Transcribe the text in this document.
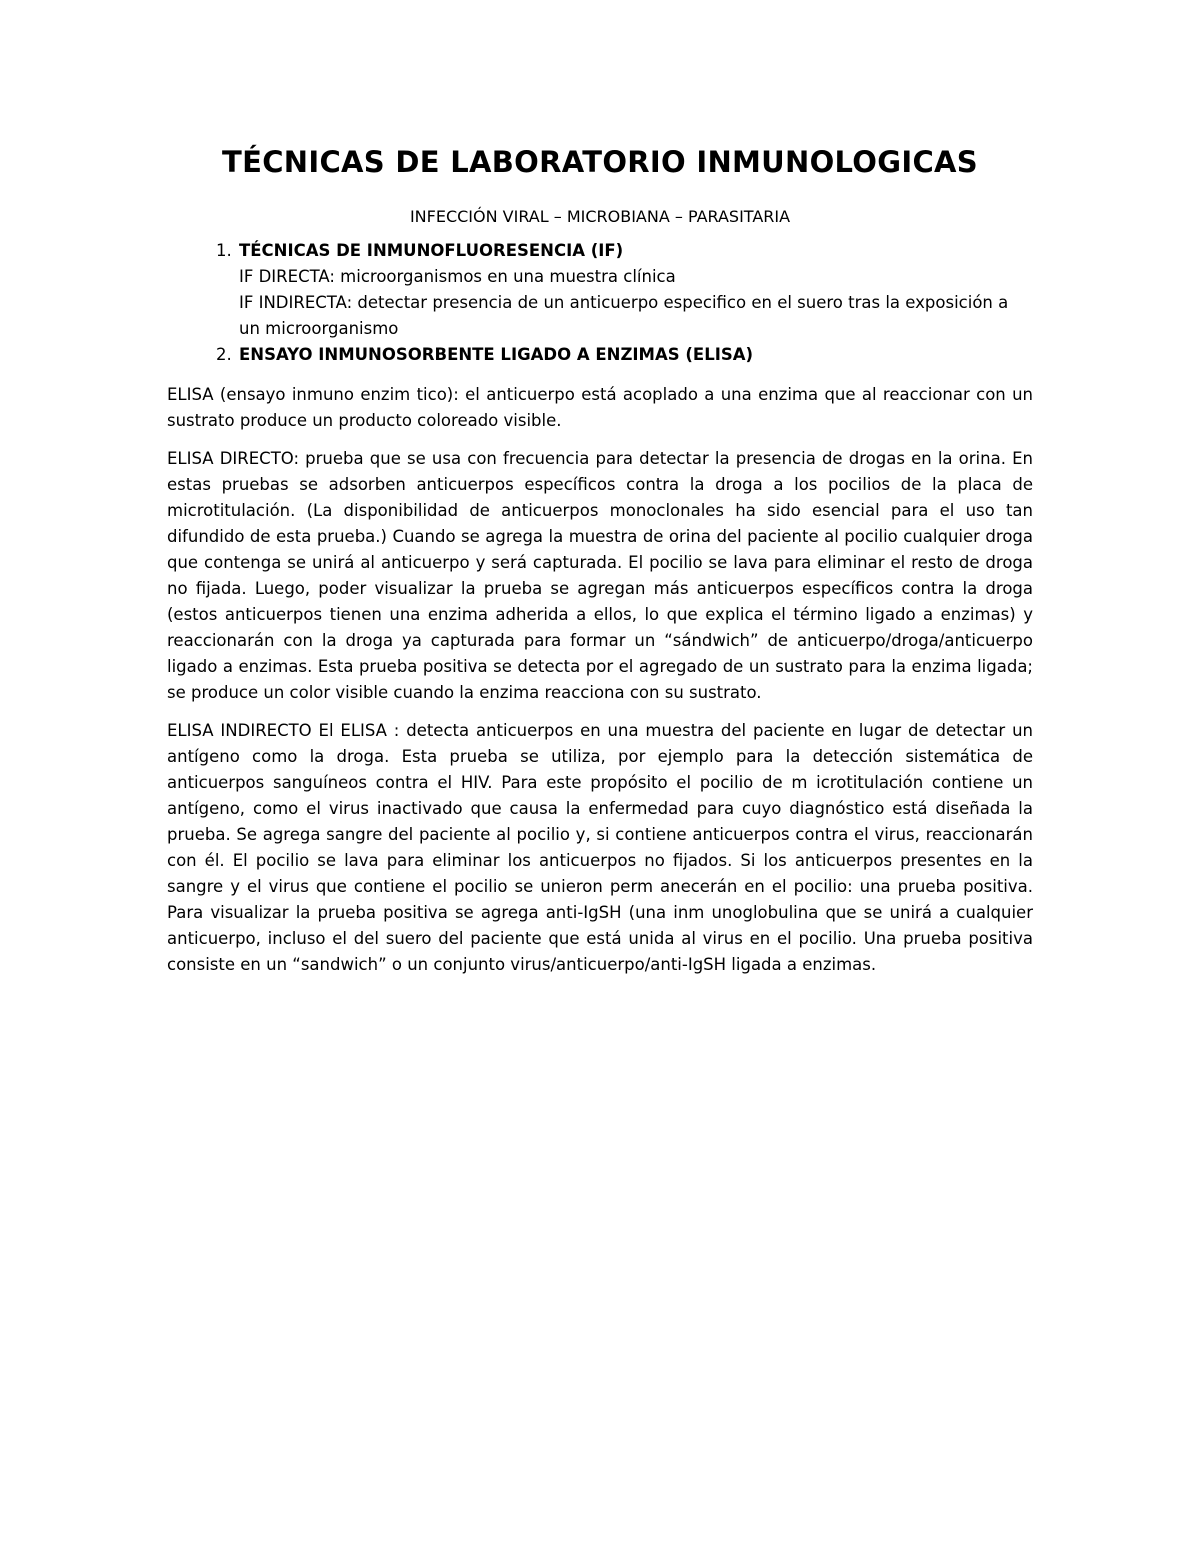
TÉCNICAS DE LABORATORIO INMUNOLOGICAS
INFECCIÓN VIRAL – MICROBIANA – PARASITARIA
1. TÉCNICAS DE INMUNOFLUORESENCIA (IF)
IF DIRECTA: microorganismos en una muestra clínica
IF INDIRECTA: detectar presencia de un anticuerpo especifico en el suero tras la exposición a un microorganismo
2. ENSAYO INMUNOSORBENTE LIGADO A ENZIMAS (ELISA)

ELISA (ensayo inmuno enzim tico): el anticuerpo está acoplado a una enzima que al reaccionar con un sustrato produce un producto coloreado visible.

ELISA DIRECTO: prueba que se usa con frecuencia para detectar la presencia de drogas en la orina. En estas pruebas se adsorben anticuerpos específicos contra la droga a los pocilios de la placa de microtitulación. (La disponibilidad de anticuerpos monoclonales ha sido esencial para el uso tan difundido de esta prueba.) Cuando se agrega la muestra de orina del paciente al pocilio cualquier droga que contenga se unirá al anticuerpo y será capturada. El pocilio se lava para eliminar el resto de droga no fijada. Luego, poder visualizar la prueba se agregan más anticuerpos específicos contra la droga (estos anticuerpos tienen una enzima adherida a ellos, lo que explica el término ligado a enzimas) y reaccionarán con la droga ya capturada para formar un “sándwich” de anticuerpo/droga/anticuerpo ligado a enzimas. Esta prueba positiva se detecta por el agregado de un sustrato para la enzima ligada; se produce un color visible cuando la enzima reacciona con su sustrato.

ELISA INDIRECTO El ELISA : detecta anticuerpos en una muestra del paciente en lugar de detectar un antígeno como la droga. Esta prueba se utiliza, por ejemplo para la detección sistemática de anticuerpos sanguíneos contra el HIV. Para este propósito el pocilio de m icrotitulación contiene un antígeno, como el virus inactivado que causa la enfermedad para cuyo diagnóstico está diseñada la prueba. Se agrega sangre del paciente al pocilio y, si contiene anticuerpos contra el virus, reaccionarán con él. El pocilio se lava para eliminar los anticuerpos no fijados. Si los anticuerpos presentes en la sangre y el virus que contiene el pocilio se unieron perm anecerán en el pocilio: una prueba positiva. Para visualizar la prueba positiva se agrega anti-IgSH (una inm unoglobulina que se unirá a cualquier anticuerpo, incluso el del suero del paciente que está unida al virus en el pocilio. Una prueba positiva consiste en un “sandwich” o un conjunto virus/anticuerpo/anti-IgSH ligada a enzimas.
